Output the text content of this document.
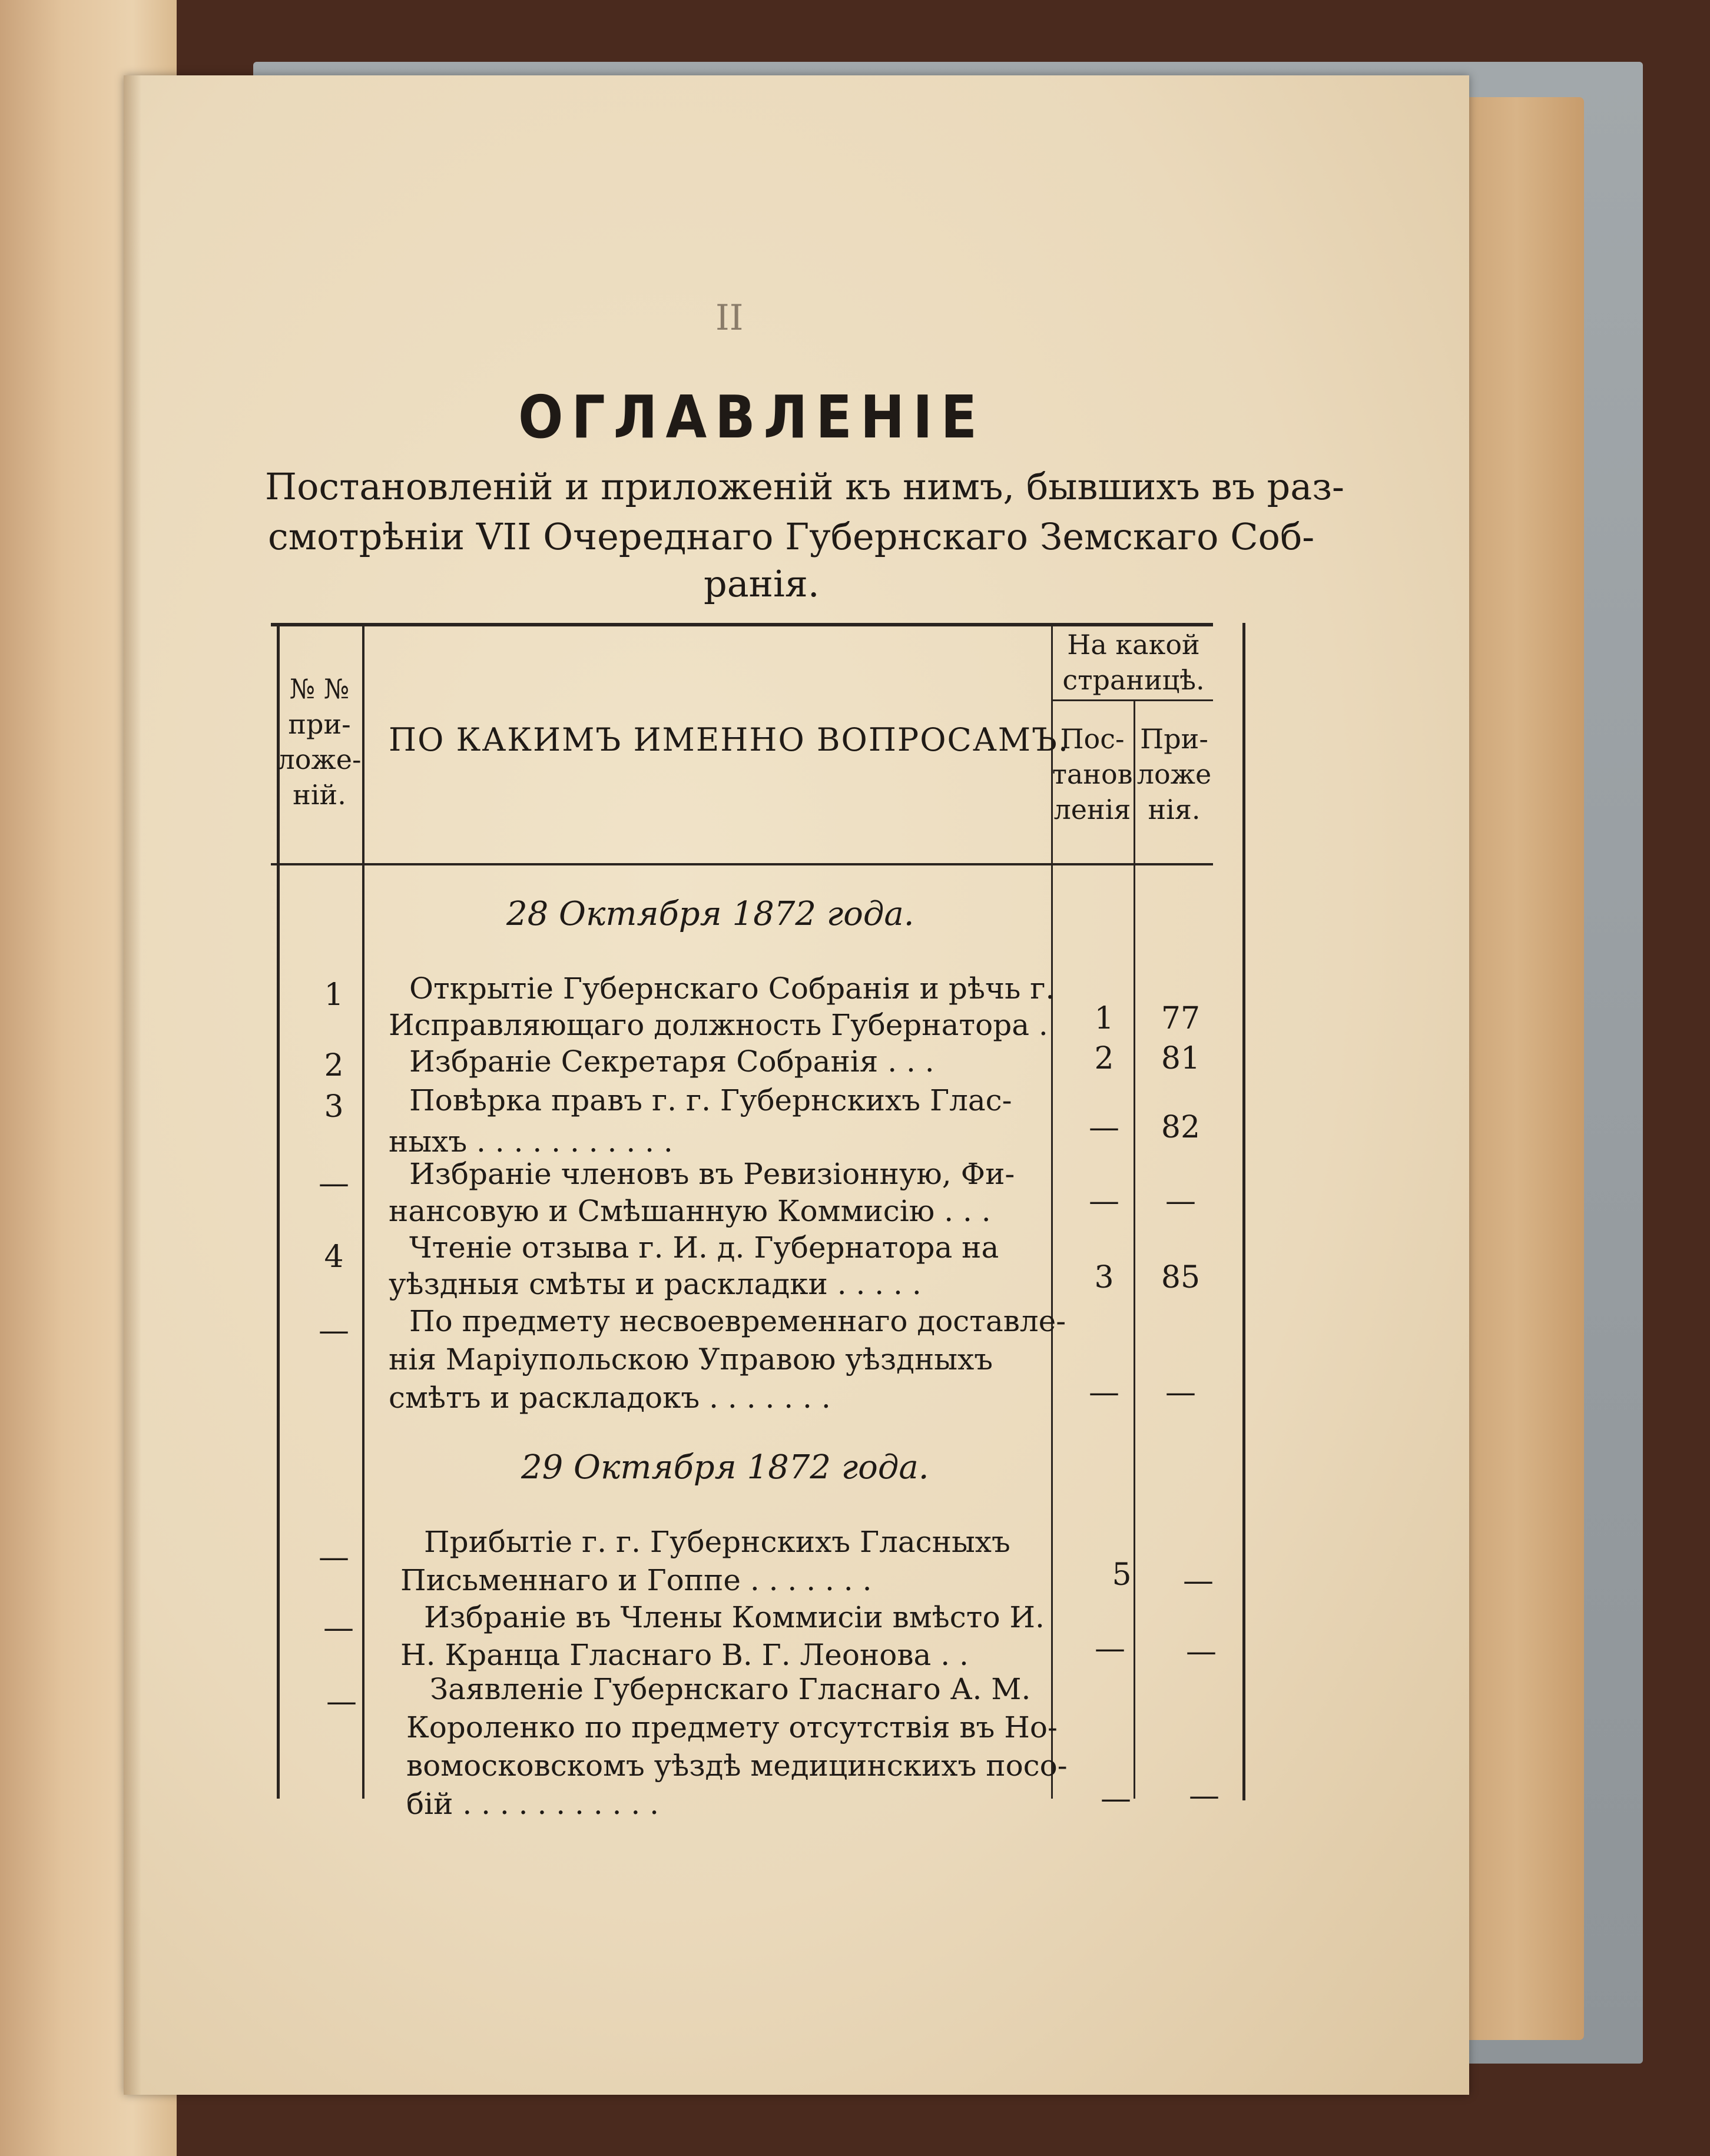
II
ОГЛАВЛЕНІЕ
Постановленій и приложеній къ нимъ, бывшихъ въ раз-
смотрѣніи VII Очереднаго Губернскаго Земскаго Соб-
ранія.
№ №
при-
ложе-
ній.
ПО КАКИМЪ ИМЕННО ВОПРОСАМЪ.
На какой
страницѣ.
Пос-
танов
ленія
При-
ложе
нія.
28 Октября 1872 года.
1	Открытіе Губернскаго Собранія и рѣчь г.
Исправляющаго должность Губернатора .	1	77
2	Избраніе Секретаря Собранія . . .	2	81
3	Повѣрка правъ г. г. Губернскихъ Глас-
ныхъ . . . . . . . . . . .	—	82
—	Избраніе членовъ въ Ревизіонную, Фи-
нансовую и Смѣшанную Коммисію . . .	—	—
4	Чтеніе отзыва г. И. д. Губернатора на
уѣздныя смѣты и раскладки . . . . .	3	85
—	По предмету несвоевременнаго доставле-
нія Маріупольскою Управою уѣздныхъ
смѣтъ и раскладокъ . . . . . . .	—	—
29 Октября 1872 года.
—	Прибытіе г. г. Губернскихъ Гласныхъ
Письменнаго и Гоппе . . . . . . .	5	—
—	Избраніе въ Члены Коммисіи вмѣсто И.
Н. Кранца Гласнаго В. Г. Леонова . .	—	—
—	Заявленіе Губернскаго Гласнаго А. М.
Короленко по предмету отсутствія въ Но-
вомосковскомъ уѣздѣ медицинскихъ посо-
бій . . . . . . . . . . .	—	—
